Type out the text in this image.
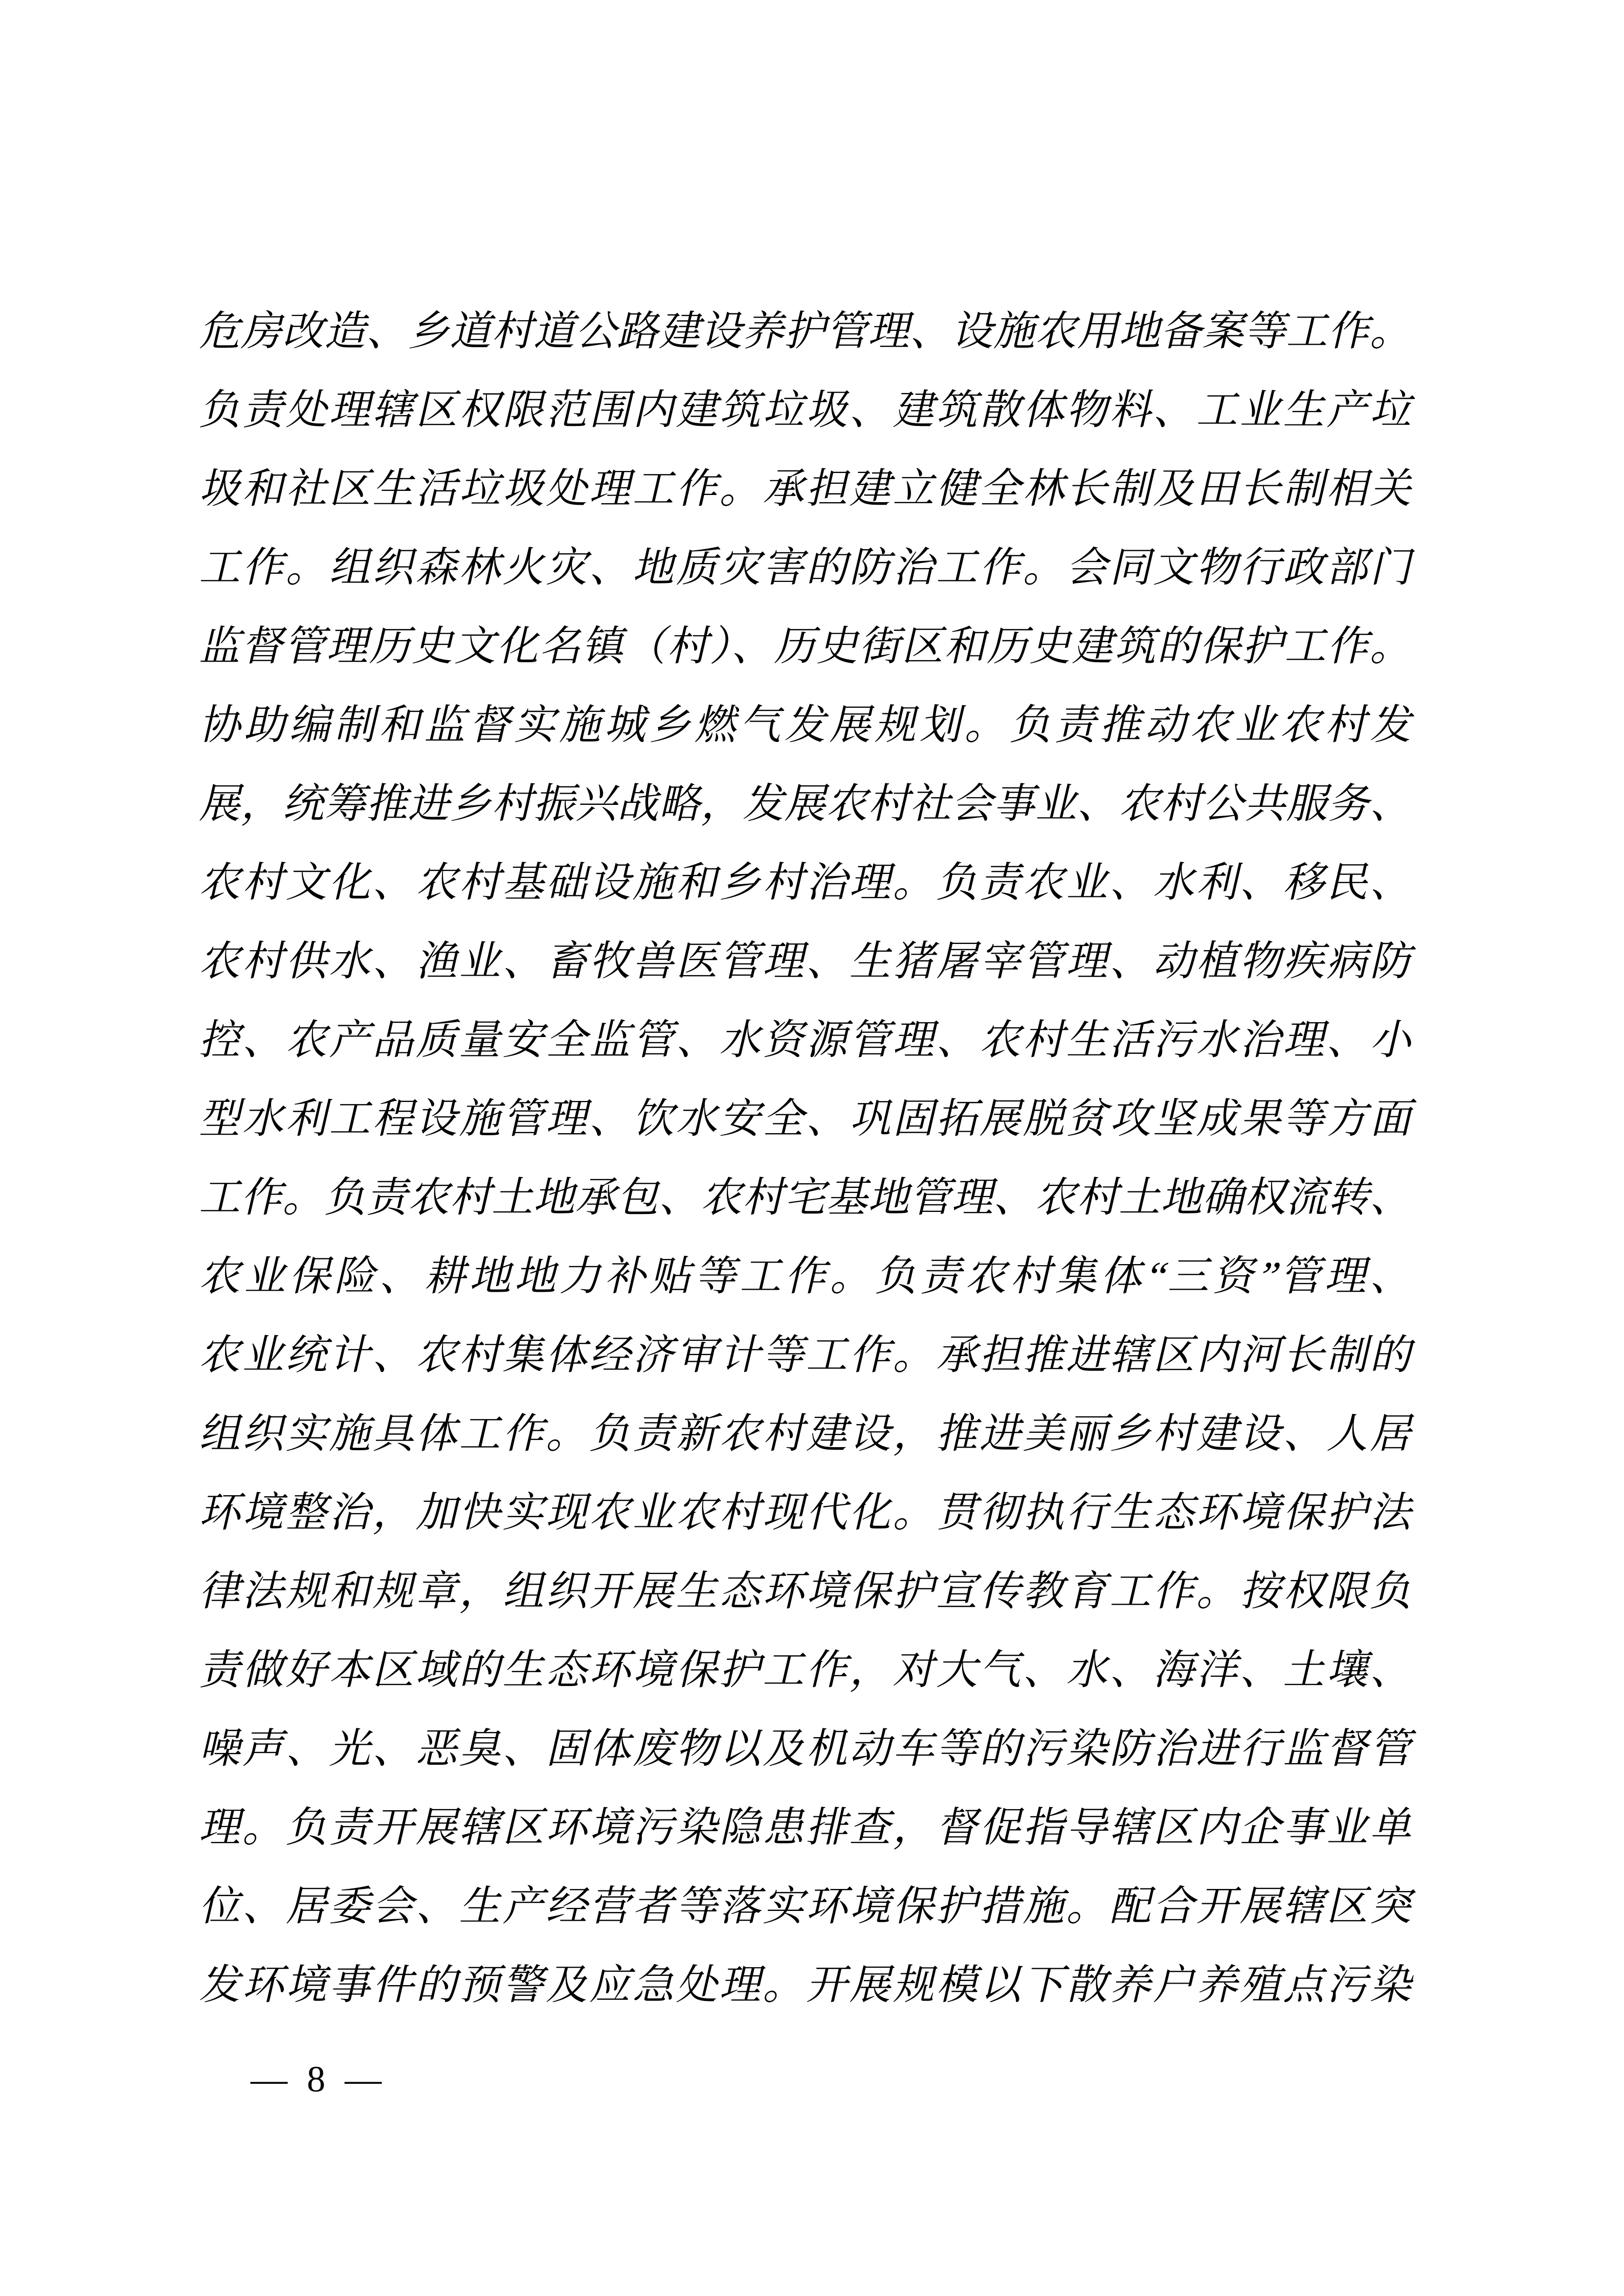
危房改造、乡道村道公路建设养护管理、设施农用地备案等工作。
负责处理辖区权限范围内建筑垃圾、建筑散体物料、工业生产垃
圾和社区生活垃圾处理工作。承担建立健全林长制及田长制相关
工作。组织森林火灾、地质灾害的防治工作。会同文物行政部门
监督管理历史文化名镇（村）、历史街区和历史建筑的保护工作。
协助编制和监督实施城乡燃气发展规划。负责推动农业农村发
展，统筹推进乡村振兴战略，发展农村社会事业、农村公共服务、
农村文化、农村基础设施和乡村治理。负责农业、水利、移民、
农村供水、渔业、畜牧兽医管理、生猪屠宰管理、动植物疾病防
控、农产品质量安全监管、水资源管理、农村生活污水治理、小
型水利工程设施管理、饮水安全、巩固拓展脱贫攻坚成果等方面
工作。负责农村土地承包、农村宅基地管理、农村土地确权流转、
农业保险、耕地地力补贴等工作。负责农村集体“三资”管理、
农业统计、农村集体经济审计等工作。承担推进辖区内河长制的
组织实施具体工作。负责新农村建设，推进美丽乡村建设、人居
环境整治，加快实现农业农村现代化。贯彻执行生态环境保护法
律法规和规章，组织开展生态环境保护宣传教育工作。按权限负
责做好本区域的生态环境保护工作，对大气、水、海洋、土壤、
噪声、光、恶臭、固体废物以及机动车等的污染防治进行监督管
理。负责开展辖区环境污染隐患排查，督促指导辖区内企事业单
位、居委会、生产经营者等落实环境保护措施。配合开展辖区突
发环境事件的预警及应急处理。开展规模以下散养户养殖点污染
— 8 —
